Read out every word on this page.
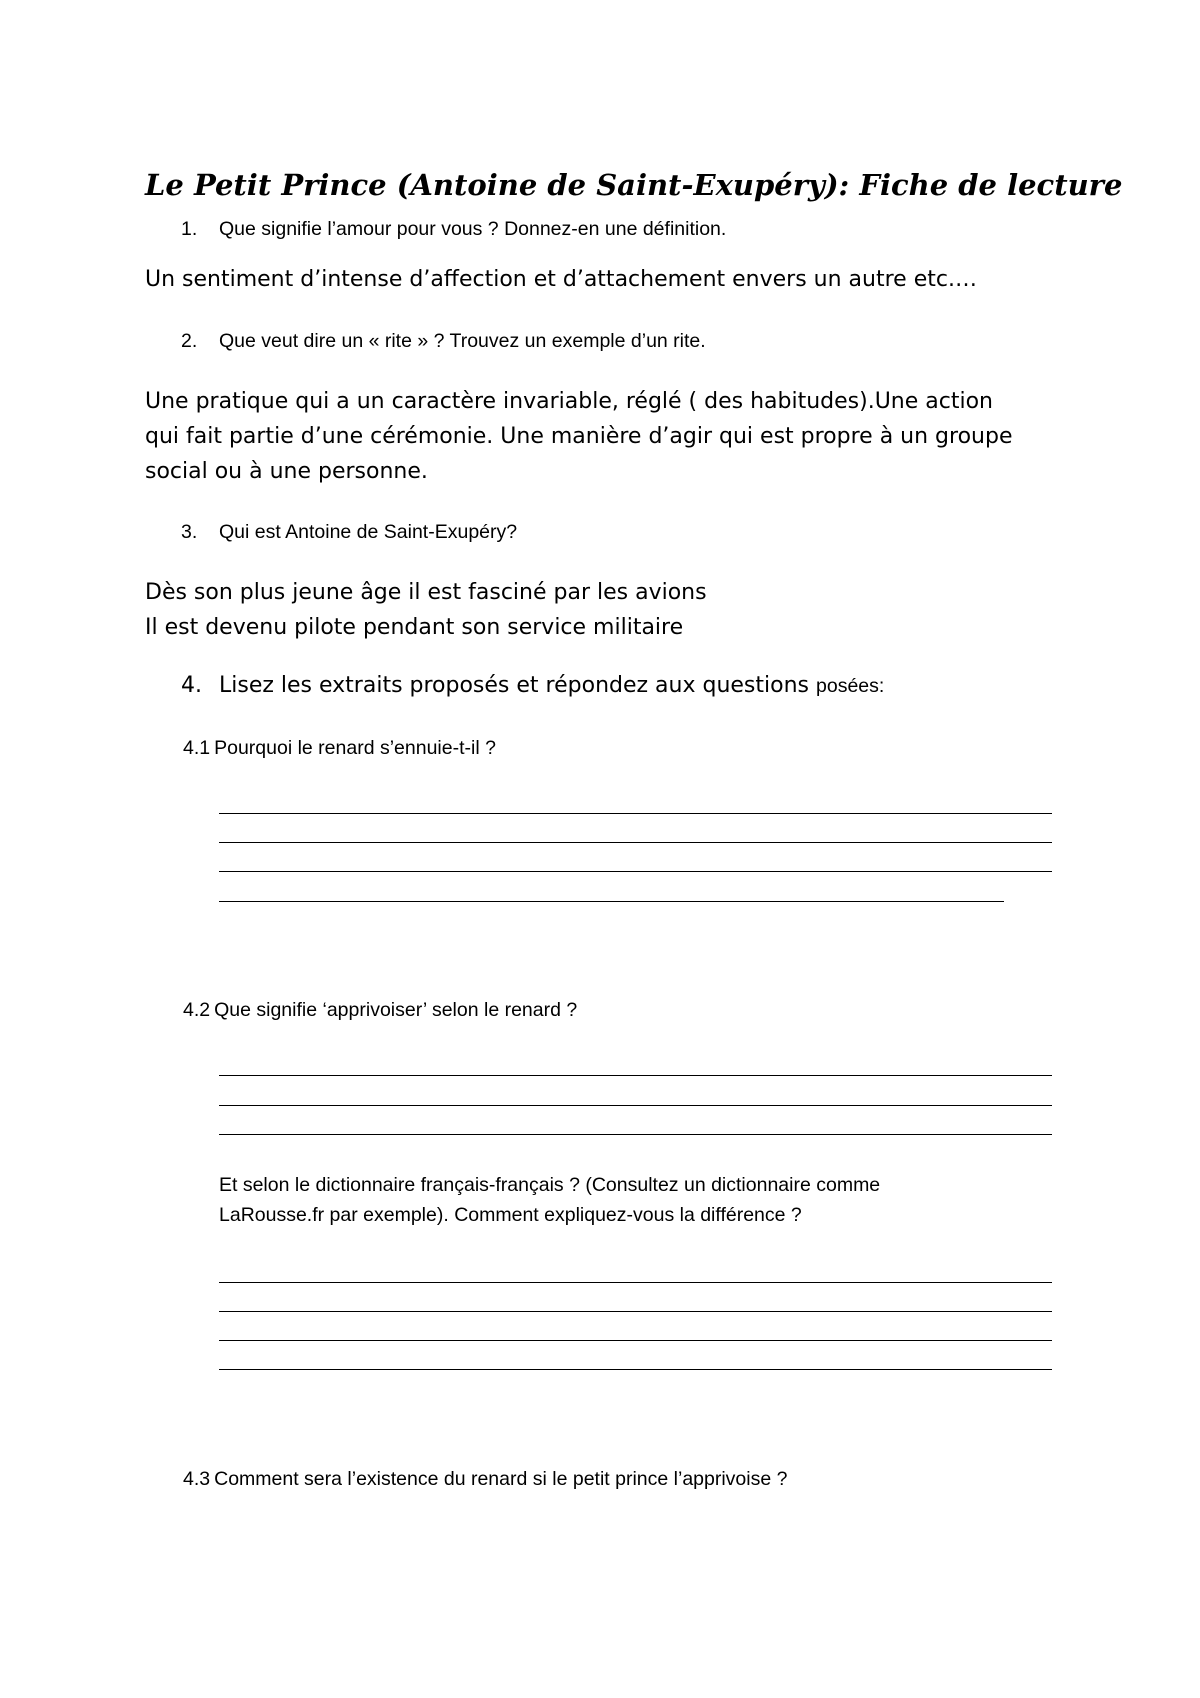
Le Petit Prince (Antoine de Saint-Exupéry): Fiche de lecture

1. Que signifie l’amour pour vous ? Donnez-en une définition.

Un sentiment d’intense d’affection et d’attachement envers un autre etc.…

2. Que veut dire un « rite » ? Trouvez un exemple d’un rite.

Une pratique qui a un caractère invariable, réglé ( des habitudes).Une action

qui fait partie d’une cérémonie. Une manière d’agir qui est propre à un groupe

social ou à une personne.

3. Qui est Antoine de Saint-Exupéry?

Dès son plus jeune âge il est fasciné par les avions

Il est devenu pilote pendant son service militaire

4. Lisez les extraits proposés et répondez aux questions posées:

4.1 Pourquoi le renard s’ennuie-t-il ?

4.2 Que signifie ‘apprivoiser’ selon le renard ?

Et selon le dictionnaire français-français ? (Consultez un dictionnaire comme

LaRousse.fr par exemple). Comment expliquez-vous la différence ?

4.3 Comment sera l’existence du renard si le petit prince l’apprivoise ?
